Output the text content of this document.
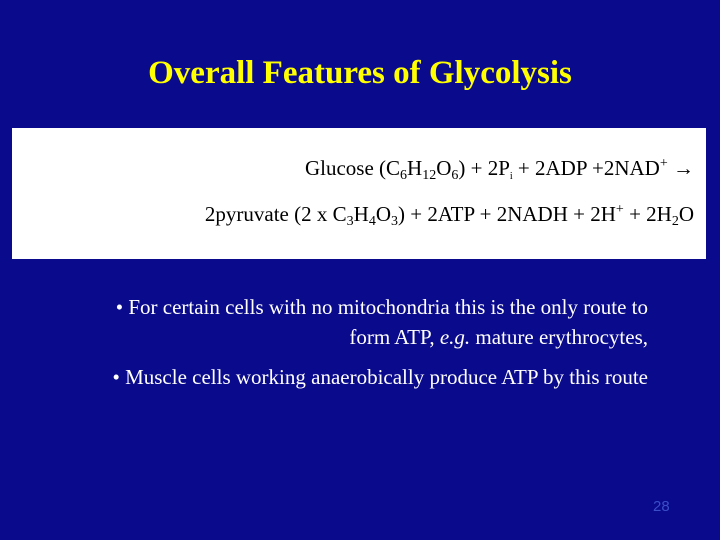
Overall Features of Glycolysis
Glucose $(C_6H_{12}O_6) + 2P_i + 2ADP +2NAD^+$ →
2pyruvate (2 x $C_3H_4O_3) + 2ATP$ + 2NADH + $2H^+ + 2H_2O$
• For certain cells with no mitochondria this is the only route to form ATP, e.g. mature erythrocytes,
• Muscle cells working anaerobically produce ATP by this route
28
